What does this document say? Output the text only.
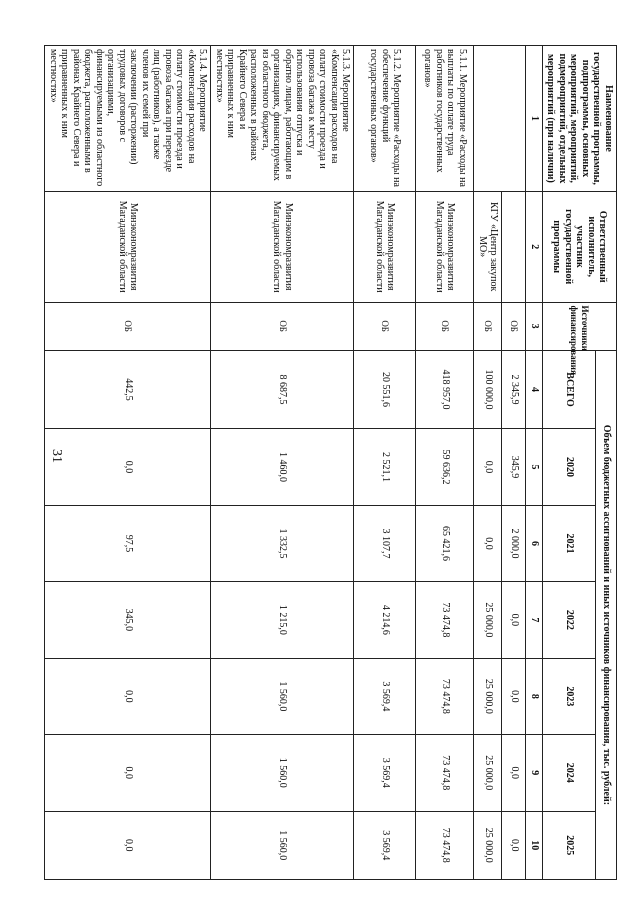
31
Наименование государственной программы, подпрограммы, основных мероприятий, мероприятий, подмероприятий, отдельных мероприятий (при наличии)	Ответственный исполнитель, участник государственной программы	Источники финансирования	Объем бюджетных ассигнований и иных источников финансирования, тыс. рублей:						
			ВСЕГО	2020	2021	2022	2023	2024	2025
1	2	3	4	5	6	7	8	9	10
		ОБ	2 345,9	345,9	2 000,0	0,0	0,0	0,0	0,0
	КГУ «Центр закупок МО»	ОБ	100 000,0	0,0	0,0	25 000,0	25 000,0	25 000,0	25 000,0
5.1.1. Мероприятие «Расходы на выплаты по оплате труда работников государственных органов»	Минэкономразвития Магаданской области	ОБ	418 957,0	59 636,2	65 421,6	73 474,8	73 474,8	73 474,8	73 474,8
5.1.2. Мероприятие «Расходы на обеспечение функций государственных органов»	Минэкономразвития Магаданской области	ОБ	20 551,6	2 521,1	3 107,7	4 214,6	3 569,4	3 569,4	3 569,4
5.1.3. Мероприятие «Компенсация расходов на оплату стоимости проезда и провоза багажа к месту использования отпуска и обратно лицам, работающим в организациях, финансируемых из областного бюджета, расположенных в районах Крайнего Севера и приравненных к ним местностях»	Минэкономразвития Магаданской области	ОБ	8 687,5	1 460,0	1 332,5	1 215,0	1 560,0	1 560,0	1 560,0
5.1.4. Мероприятие «Компенсация расходов на оплату стоимости проезда и провоза багажа при переезде лиц (работников), а также членов их семей при заключении (расторжении) трудовых договоров с организациями, финансируемыми из областного бюджета, расположенными в районах Крайнего Севера и приравненных к ним местностях»	Минэкономразвития Магаданской области	ОБ	442,5	0,0	97,5	345,0	0,0	0,0	0,0
